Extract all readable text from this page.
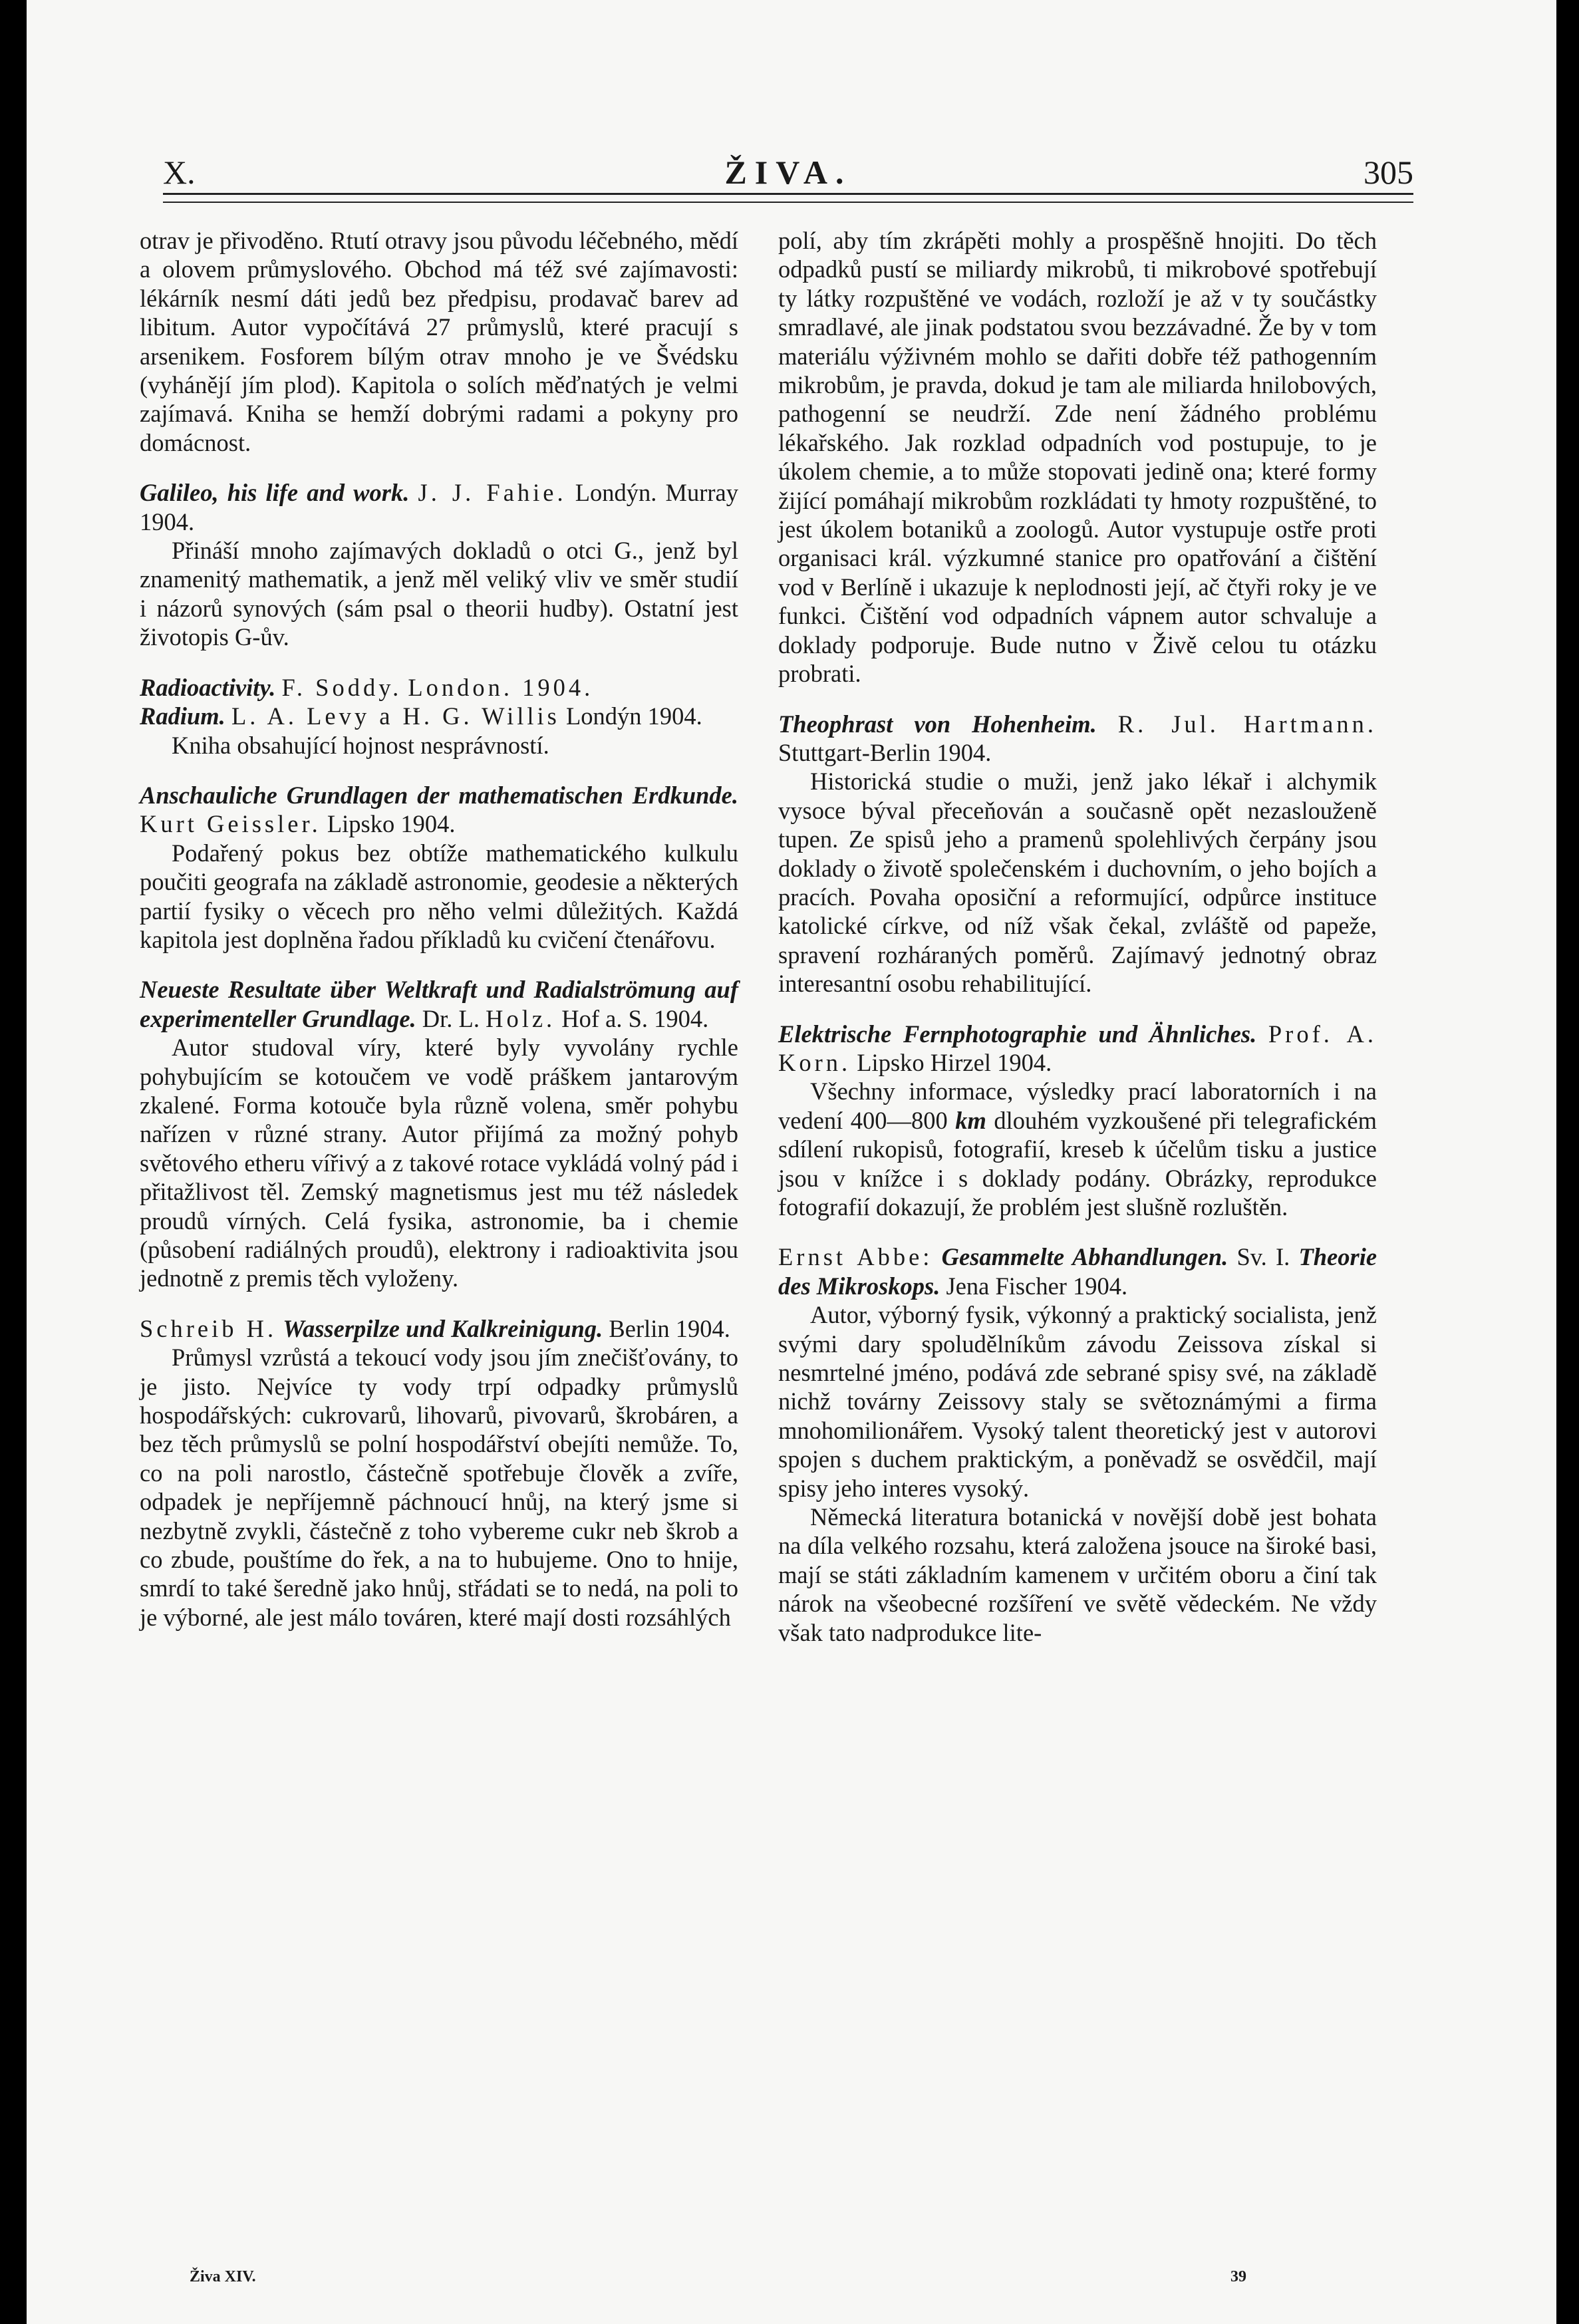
X.	ŽIVA.	305

otrav je přivoděno. Rtutí otravy jsou původu léčebného, mědí a olovem průmyslového. Obchod má též své zajímavosti: lékárník nesmí dáti jedů bez předpisu, prodavač barev ad libitum. Autor vypočítává 27 průmyslů, které pracují s arsenikem. Fosforem bílým otrav mnoho je ve Švédsku (vyhánějí jím plod). Kapitola o solích měďnatých je velmi zajímavá. Kniha se hemží dobrými radami a pokyny pro domácnost.

Galileo, his life and work. J. J. Fahie. Londýn. Murray 1904.

Přináší mnoho zajímavých dokladů o otci G., jenž byl znamenitý mathematik, a jenž měl veliký vliv ve směr studií i názorů synových (sám psal o theorii hudby). Ostatní jest životopis G-ův.

Radioactivity. F. Soddy. London. 1904.

Radium. L. A. Levy a H. G. Willis Londýn 1904.

Kniha obsahující hojnost nesprávností.

Anschauliche Grundlagen der mathematischen Erdkunde. Kurt Geissler. Lipsko 1904.

Podařený pokus bez obtíže mathematického kulkulu poučiti geografa na základě astronomie, geodesie a některých partií fysiky o věcech pro něho velmi důležitých. Každá kapitola jest doplněna řadou příkladů ku cvičení čtenářovu.

Neueste Resultate über Weltkraft und Radialströmung auf experimenteller Grundlage. Dr. L. Holz. Hof a. S. 1904.

Autor studoval víry, které byly vyvolány rychle pohybujícím se kotoučem ve vodě práškem jantarovým zkalené. Forma kotouče byla různě volena, směr pohybu nařízen v různé strany. Autor přijímá za možný pohyb světového etheru vířivý a z takové rotace vykládá volný pád i přitažlivost těl. Zemský magnetismus jest mu též následek proudů vírných. Celá fysika, astronomie, ba i chemie (působení radiálných proudů), elektrony i radioaktivita jsou jednotně z premis těch vyloženy.

Schreib H. Wasserpilze und Kalkreinigung. Berlin 1904.

Průmysl vzrůstá a tekoucí vody jsou jím znečišťovány, to je jisto. Nejvíce ty vody trpí odpadky průmyslů hospodářských: cukrovarů, lihovarů, pivovarů, škrobáren, a bez těch průmyslů se polní hospodářství obejíti nemůže. To, co na poli narostlo, částečně spotřebuje člověk a zvíře, odpadek je nepříjemně páchnoucí hnůj, na který jsme si nezbytně zvykli, částečně z toho vybereme cukr neb škrob a co zbude, pouštíme do řek, a na to hubujeme. Ono to hnije, smrdí to také šeredně jako hnůj, střádati se to nedá, na poli to je výborné, ale jest málo továren, které mají dosti rozsáhlých

polí, aby tím zkrápěti mohly a prospěšně hnojiti. Do těch odpadků pustí se miliardy mikrobů, ti mikrobové spotřebují ty látky rozpuštěné ve vodách, rozloží je až v ty součástky smradlavé, ale jinak podstatou svou bezzávadné. Že by v tom materiálu výživném mohlo se dařiti dobře též pathogenním mikrobům, je pravda, dokud je tam ale miliarda hnilobových, pathogenní se neudrží. Zde není žádného problému lékařského. Jak rozklad odpadních vod postupuje, to je úkolem chemie, a to může stopovati jedině ona; které formy žijící pomáhají mikrobům rozkládati ty hmoty rozpuštěné, to jest úkolem botaniků a zoologů. Autor vystupuje ostře proti organisaci král. výzkumné stanice pro opatřování a čištění vod v Berlíně i ukazuje k neplodnosti její, ač čtyři roky je ve funkci. Čištění vod odpadních vápnem autor schvaluje a doklady podporuje. Bude nutno v Živě celou tu otázku probrati.

Theophrast von Hohenheim. R. Jul. Hartmann. Stuttgart-Berlin 1904.

Historická studie o muži, jenž jako lékař i alchymik vysoce býval přeceňován a současně opět nezaslouženě tupen. Ze spisů jeho a pramenů spolehlivých čerpány jsou doklady o životě společenském i duchovním, o jeho bojích a pracích. Povaha oposiční a reformující, odpůrce instituce katolické církve, od níž však čekal, zvláště od papeže, spravení rozháraných poměrů. Zajímavý jednotný obraz interesantní osobu rehabilitující.

Elektrische Fernphotographie und Ähnliches. Prof. A. Korn. Lipsko Hirzel 1904.

Všechny informace, výsledky prací laboratorních i na vedení 400—800 km dlouhém vyzkoušené při telegrafickém sdílení rukopisů, fotografií, kreseb k účelům tisku a justice jsou v knížce i s doklady podány. Obrázky, reprodukce fotografií dokazují, že problém jest slušně rozluštěn.

Ernst Abbe: Gesammelte Abhandlungen. Sv. I. Theorie des Mikroskops. Jena Fischer 1904.

Autor, výborný fysik, výkonný a praktický socialista, jenž svými dary spoludělníkům závodu Zeissova získal si nesmrtelné jméno, podává zde sebrané spisy své, na základě nichž továrny Zeissovy staly se světoznámými a firma mnohomilionářem. Vysoký talent theoretický jest v autorovi spojen s duchem praktickým, a poněvadž se osvědčil, mají spisy jeho interes vysoký.

Německá literatura botanická v novější době jest bohata na díla velkého rozsahu, která založena jsouce na široké basi, mají se státi základním kamenem v určitém oboru a činí tak nárok na všeobecné rozšíření ve světě vědeckém. Ne vždy však tato nadprodukce lite-

Živa XIV.	39
